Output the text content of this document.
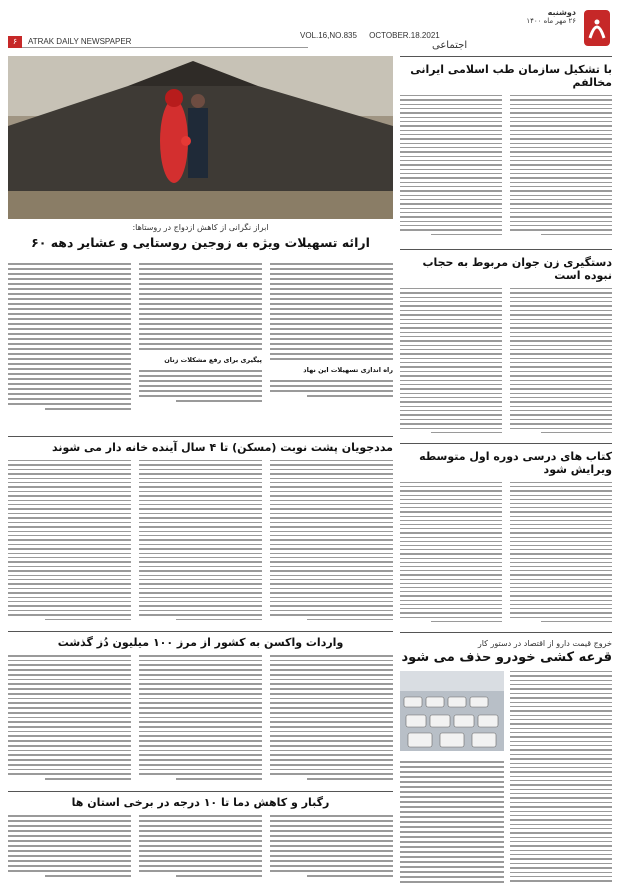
دوشنبه
۲۶ مهر ماه ۱۴۰۰
VOL.16,NO.835 OCTOBER.18.2021
۶	ATRAK DAILY NEWSPAPER	اجتماعی
ابراز نگرانی از کاهش ازدواج در روستاها:
ارائه تسهیلات ویژه به زوجین روستایی و عشایر دهه ۶۰
پیگیری برای رفع مشکلات زنان
راه اندازی تسهیلات این نهاد
مددجویان پشت نوبت (مسکن) تا ۴ سال آینده خانه دار می شوند
واردات واکسن به کشور از مرز ۱۰۰ میلیون دُز گذشت
رگبار و کاهش دما تا ۱۰ درجه در برخی استان ها
با تشکیل سازمان طب اسلامی ایرانی مخالفم
دستگیری زن جوان مربوط به حجاب نبوده است
کتاب های درسی دوره اول متوسطه ویرایش شود
خروج قیمت دارو از اقتصاد در دستور کار
قرعه کشی خودرو حذف می شود
